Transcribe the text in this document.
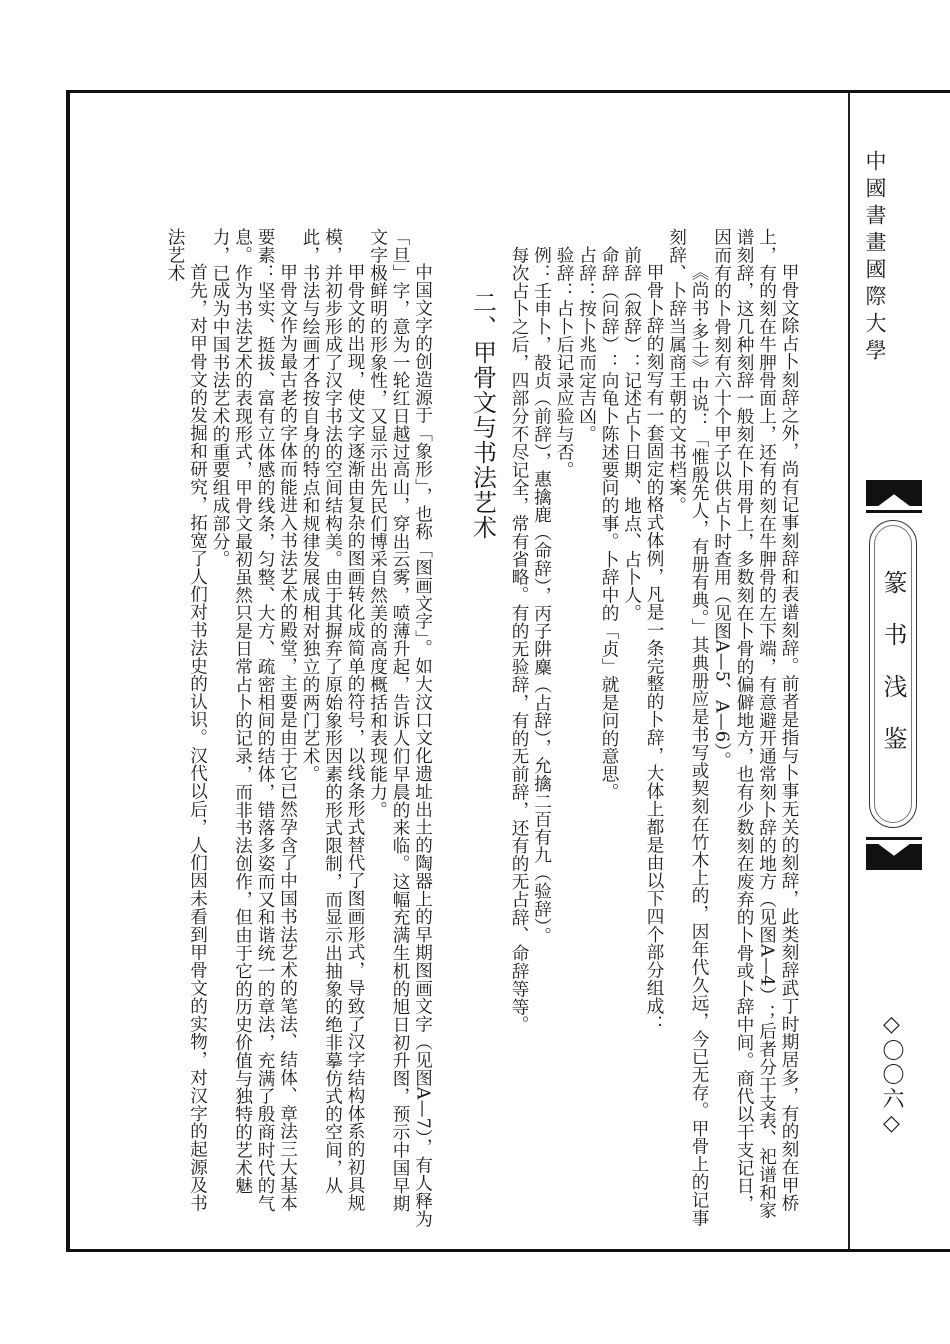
中國書畫國際大學
篆书浅鉴
◇〇〇六◇

甲骨文除占卜刻辞之外，尚有记事刻辞和表谱刻辞。前者是指与卜事无关的刻辞，此类刻辞武丁时期居多，有的刻在甲桥上，有的刻在牛胛骨面上，还有的刻在牛胛骨的左下端，有意避开通常刻卜辞的地方（见图A—4）；后者分干支表、祀谱和家谱刻辞，这几种刻辞一般刻在卜用骨上，多数刻在卜骨的偏僻地方，也有少数刻在废弃的卜骨或卜辞中间。商代以干支记日，因而有的卜骨刻有六十个甲子以供占卜时查用（见图A—5、A—6）。

《尚书·多士》中说：「惟殷先人，有册有典。」其典册应是书写或契刻在竹木上的，因年代久远，今已无存。甲骨上的记事刻辞、卜辞当属商王朝的文书档案。

甲骨卜辞的刻写有一套固定的格式体例，凡是一条完整的卜辞，大体上都是由以下四个部分组成：

前辞（叙辞）：记述占卜日期、地点、占卜人。

命辞（问辞）：向龟卜陈述要问的事。卜辞中的「贞」就是问的意思。

占辞：按卜兆而定吉凶。

验辞：占卜后记录应验与否。

例：壬申卜，㱿贞（前辞），惠擒鹿（命辞），丙子阱麋（占辞），允擒二百有九（验辞）。

每次占卜之后，四部分不尽记全，常有省略。有的无验辞，有的无前辞，还有的无占辞、命辞等等。

二、甲骨文与书法艺术

中国文字的创造源于「象形」，也称「图画文字」。如大汶口文化遗址出土的陶器上的早期图画文字（见图A—7），有人释为「旦」字，意为一轮红日越过高山，穿出云雾，喷薄升起，告诉人们早晨的来临。这幅充满生机的旭日初升图，预示中国早期文字极鲜明的形象性，又显示出先民们博采自然美的高度概括和表现能力。

甲骨文的出现，使文字逐渐由复杂的图画转化成简单的符号，以线条形式替代了图画形式，导致了汉字结构体系的初具规模，并初步形成了汉字书法的空间结构美。由于其摒弃了原始象形因素的形式限制，而显示出抽象的绝非摹仿式的空间，从此，书法与绘画才各按自身的特点和规律发展成相对独立的两门艺术。

甲骨文作为最古老的字体而能进入书法艺术的殿堂，主要是由于它已然孕含了中国书法艺术的笔法、结体、章法三大基本要素：坚实、挺拔、富有立体感的线条，匀整、大方、疏密相间的结体，错落多姿而又和谐统一的章法，充满了殷商时代的气息。作为书法艺术的表现形式，甲骨文最初虽然只是日常占卜的记录，而非书法创作，但由于它的历史价值与独特的艺术魅力，已成为中国书法艺术的重要组成部分。

首先，对甲骨文的发掘和研究，拓宽了人们对书法史的认识。汉代以后，人们因未看到甲骨文的实物，对汉字的起源及书法艺术
